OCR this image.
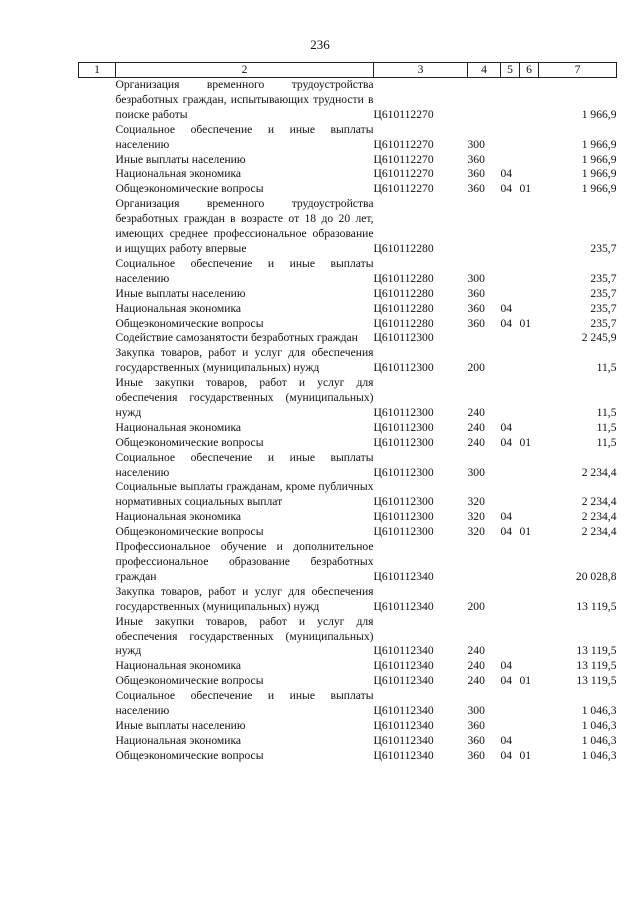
236
1	2	3	4	5	6	7
	Организация временного трудоустройства безработных граждан, испытывающих трудности в поиске работы	Ц610112270				1 966,9
	Социальное обеспечение и иные выплаты населению	Ц610112270	300			1 966,9
	Иные выплаты населению	Ц610112270	360			1 966,9
	Национальная экономика	Ц610112270	360	04		1 966,9
	Общеэкономические вопросы	Ц610112270	360	04	01	1 966,9
	Организация временного трудоустройства безработных граждан в возрасте от 18 до 20 лет, имеющих среднее профессиональное образование и ищущих работу впервые	Ц610112280				235,7
	Социальное обеспечение и иные выплаты населению	Ц610112280	300			235,7
	Иные выплаты населению	Ц610112280	360			235,7
	Национальная экономика	Ц610112280	360	04		235,7
	Общеэкономические вопросы	Ц610112280	360	04	01	235,7
	Содействие самозанятости безработных граждан	Ц610112300				2 245,9
	Закупка товаров, работ и услуг для обеспечения государственных (муниципальных) нужд	Ц610112300	200			11,5
	Иные закупки товаров, работ и услуг для обеспечения государственных (муниципальных) нужд	Ц610112300	240			11,5
	Национальная экономика	Ц610112300	240	04		11,5
	Общеэкономические вопросы	Ц610112300	240	04	01	11,5
	Социальное обеспечение и иные выплаты населению	Ц610112300	300			2 234,4
	Социальные выплаты гражданам, кроме публичных нормативных социальных выплат	Ц610112300	320			2 234,4
	Национальная экономика	Ц610112300	320	04		2 234,4
	Общеэкономические вопросы	Ц610112300	320	04	01	2 234,4
	Профессиональное обучение и дополнительное профессиональное образование безработных граждан	Ц610112340				20 028,8
	Закупка товаров, работ и услуг для обеспечения государственных (муниципальных) нужд	Ц610112340	200			13 119,5
	Иные закупки товаров, работ и услуг для обеспечения государственных (муниципальных) нужд	Ц610112340	240			13 119,5
	Национальная экономика	Ц610112340	240	04		13 119,5
	Общеэкономические вопросы	Ц610112340	240	04	01	13 119,5
	Социальное обеспечение и иные выплаты населению	Ц610112340	300			1 046,3
	Иные выплаты населению	Ц610112340	360			1 046,3
	Национальная экономика	Ц610112340	360	04		1 046,3
	Общеэкономические вопросы	Ц610112340	360	04	01	1 046,3
